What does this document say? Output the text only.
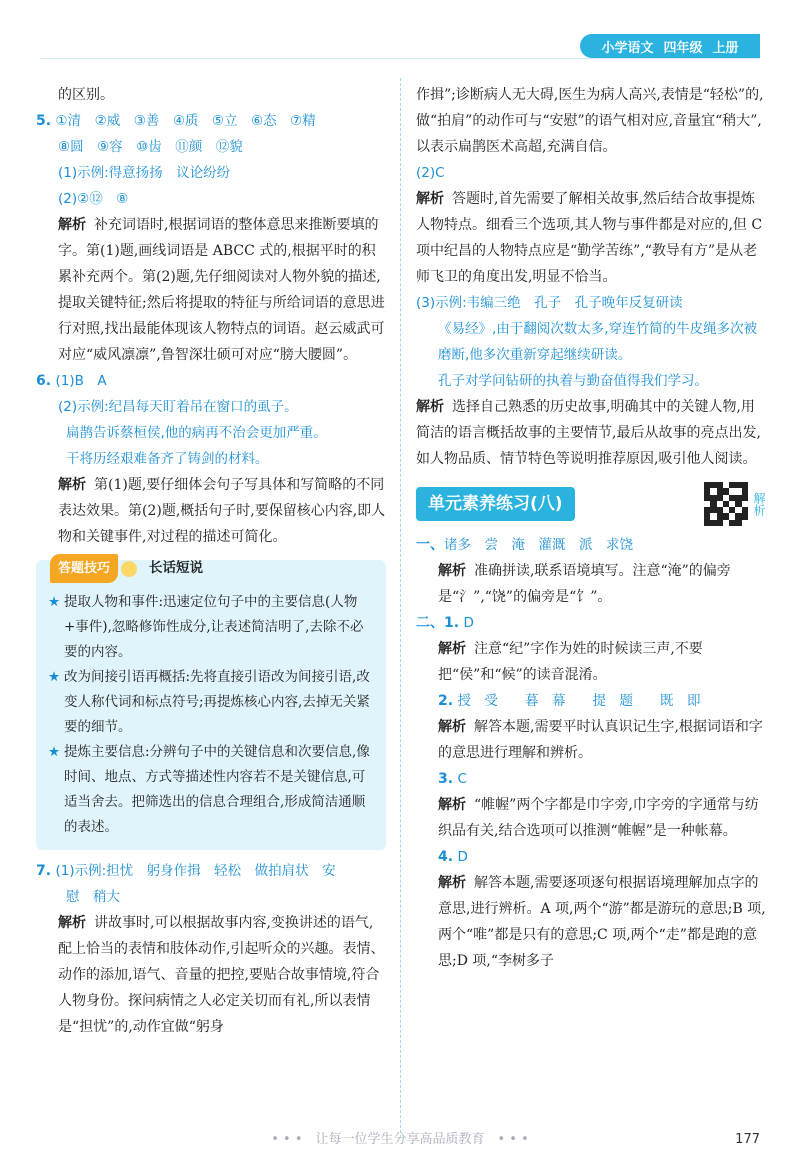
小学语文 四年级 上册

的区别。

5. ①清　②威　③善　④质　⑤立　⑥态　⑦精

⑧圆　⑨容　⑩齿　⑪颜　⑫貌

(1)示例:得意扬扬　议论纷纷

(2)②⑫　⑧

解析 补充词语时,根据词语的整体意思来推断要填的字。第(1)题,画线词语是 ABCC 式的,根据平时的积累补充两个。第(2)题,先仔细阅读对人物外貌的描述,提取关键特征;然后将提取的特征与所给词语的意思进行对照,找出最能体现该人物特点的词语。赵云威武可对应“威风凛凛”,鲁智深壮硕可对应“膀大腰圆”。

6. (1)B　A

(2)示例:纪昌每天盯着吊在窗口的虱子。

扁鹊告诉蔡桓侯,他的病再不治会更加严重。

干将历经艰难备齐了铸剑的材料。

解析 第(1)题,要仔细体会句子写具体和写简略的不同表达效果。第(2)题,概括句子时,要保留核心内容,即人物和关键事件,对过程的描述可简化。

答题技巧	长话短说

★ 提取人物和事件:迅速定位句子中的主要信息(人物+事件),忽略修饰性成分,让表述简洁明了,去除不必要的内容。

★ 改为间接引语再概括:先将直接引语改为间接引语,改变人称代词和标点符号;再提炼核心内容,去掉无关紧要的细节。

★ 提炼主要信息:分辨句子中的关键信息和次要信息,像时间、地点、方式等描述性内容若不是关键信息,可适当舍去。把筛选出的信息合理组合,形成简洁通顺的表述。

7. (1)示例:担忧　躬身作揖　轻松　做拍肩状　安

慰　稍大

解析 讲故事时,可以根据故事内容,变换讲述的语气,配上恰当的表情和肢体动作,引起听众的兴趣。表情、动作的添加,语气、音量的把控,要贴合故事情境,符合人物身份。探问病情之人必定关切而有礼,所以表情是“担忧”的,动作宜做“躬身

作揖”;诊断病人无大碍,医生为病人高兴,表情是“轻松”的,做“拍肩”的动作可与“安慰”的语气相对应,音量宜“稍大”,以表示扁鹊医术高超,充满自信。

(2)C

解析 答题时,首先需要了解相关故事,然后结合故事提炼人物特点。细看三个选项,其人物与事件都是对应的,但 C 项中纪昌的人物特点应是“勤学苦练”,“教导有方”是从老师飞卫的角度出发,明显不恰当。

(3)示例:韦编三绝　孔子　孔子晚年反复研读

《易经》,由于翻阅次数太多,穿连竹简的牛皮绳多次被磨断,他多次重新穿起继续研读。

孔子对学问钻研的执着与勤奋值得我们学习。

解析 选择自己熟悉的历史故事,明确其中的关键人物,用简洁的语言概括故事的主要情节,最后从故事的亮点出发,如人物品质、情节特色等说明推荐原因,吸引他人阅读。

单元素养练习(八)	解析

一、诸多　尝　淹　灌溉　派　求饶

解析 准确拼读,联系语境填写。注意“淹”的偏旁是“氵”,“饶”的偏旁是“饣”。

二、1. D

解析 注意“纪”字作为姓的时候读三声,不要把“侯”和“候”的读音混淆。

2. 授　受　　暮　幕　　提　题　　既　即

解析 解答本题,需要平时认真识记生字,根据词语和字的意思进行理解和辨析。

3. C

解析 “帷幄”两个字都是巾字旁,巾字旁的字通常与纺织品有关,结合选项可以推测“帷幄”是一种帐幕。

4. D

解析 解答本题,需要逐项逐句根据语境理解加点字的意思,进行辨析。A 项,两个“游”都是游玩的意思;B 项,两个“唯”都是只有的意思;C 项,两个“走”都是跑的意思;D 项,“李树多子

• • •　让每一位学生分享高品质教育　• • •	177
